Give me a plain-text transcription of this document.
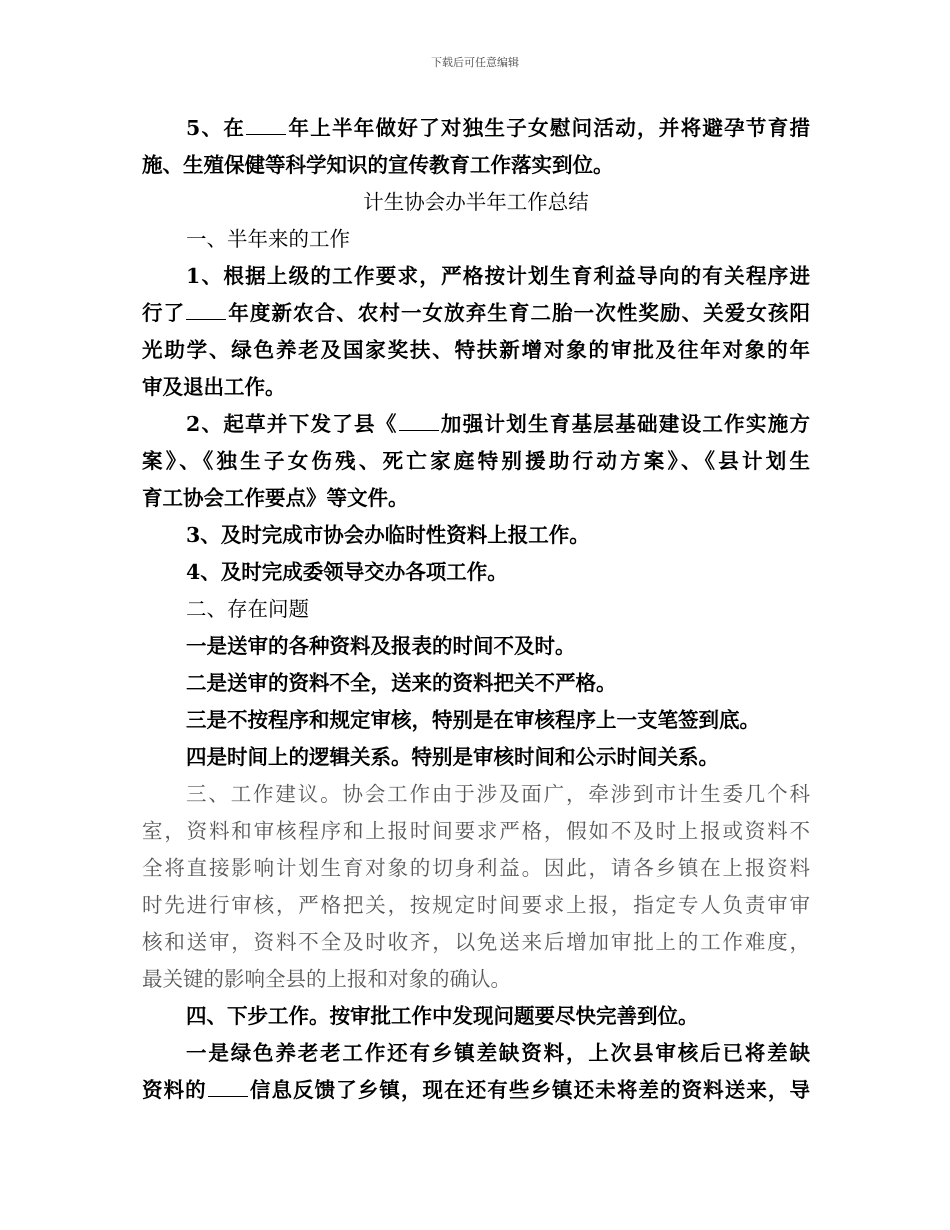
下载后可任意编辑
5、在 年上半年做好了对独生子女慰问活动，并将避孕节育措
施、生殖保健等科学知识的宣传教育工作落实到位。
计生协会办半年工作总结
一、半年来的工作
1、根据上级的工作要求，严格按计划生育利益导向的有关程序进
行了 年度新农合、农村一女放弃生育二胎一次性奖励、关爱女孩阳
光助学、绿色养老及国家奖扶、特扶新增对象的审批及往年对象的年
审及退出工作。
2、起草并下发了县《 加强计划生育基层基础建设工作实施方
案》、《独生子女伤残、死亡家庭特别援助行动方案》、《县计划生
育工协会工作要点》等文件。
3、及时完成市协会办临时性资料上报工作。
4、及时完成委领导交办各项工作。
二、存在问题
一是送审的各种资料及报表的时间不及时。
二是送审的资料不全，送来的资料把关不严格。
三是不按程序和规定审核，特别是在审核程序上一支笔签到底。
四是时间上的逻辑关系。特别是审核时间和公示时间关系。
三、工作建议。协会工作由于涉及面广，牵涉到市计生委几个科
室，资料和审核程序和上报时间要求严格，假如不及时上报或资料不
全将直接影响计划生育对象的切身利益。因此，请各乡镇在上报资料
时先进行审核，严格把关，按规定时间要求上报，指定专人负责审审
核和送审，资料不全及时收齐，以免送来后增加审批上的工作难度，
最关键的影响全县的上报和对象的确认。
四、下步工作。按审批工作中发现问题要尽快完善到位。
一是绿色养老老工作还有乡镇差缺资料，上次县审核后已将差缺
资料的 信息反馈了乡镇，现在还有些乡镇还未将差的资料送来，导
